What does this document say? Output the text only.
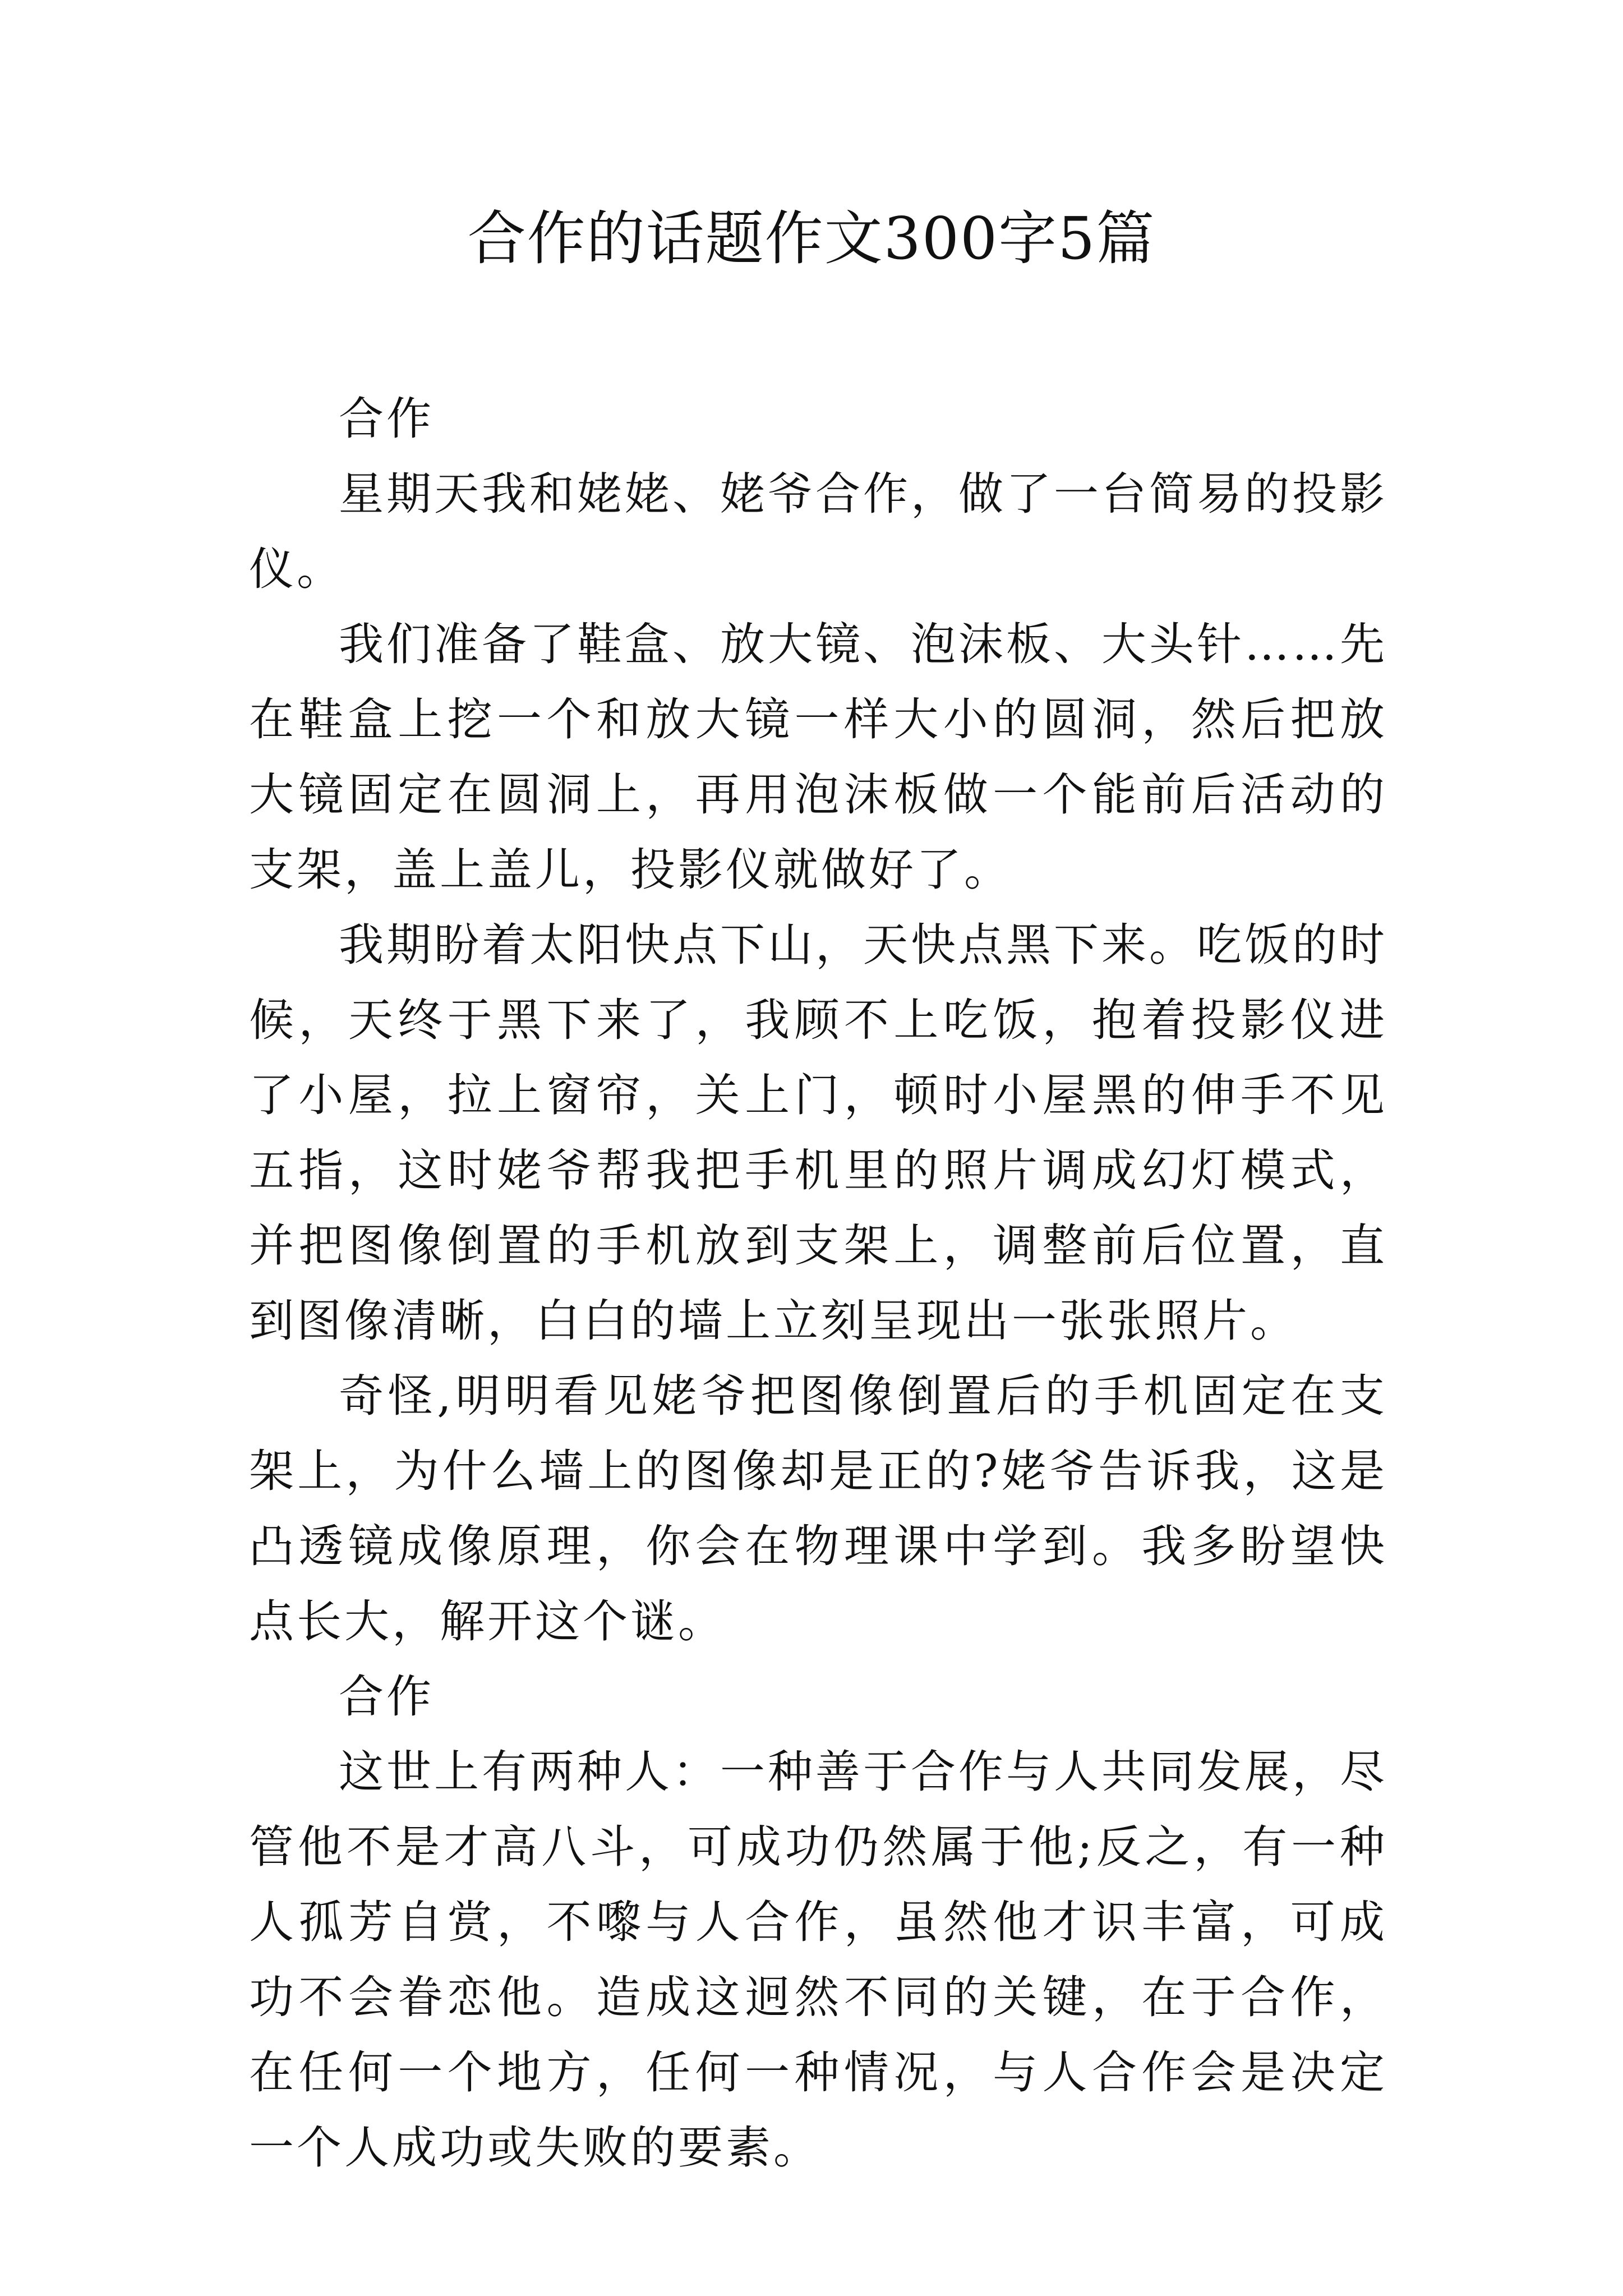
合作的话题作文300字5篇

合作

星期天我和姥姥、姥爷合作，做了一台简易的投影仪。

我们准备了鞋盒、放大镜、泡沫板、大头针……先在鞋盒上挖一个和放大镜一样大小的圆洞，然后把放大镜固定在圆洞上，再用泡沫板做一个能前后活动的支架，盖上盖儿，投影仪就做好了。

我期盼着太阳快点下山，天快点黑下来。吃饭的时候，天终于黑下来了，我顾不上吃饭，抱着投影仪进了小屋，拉上窗帘，关上门，顿时小屋黑的伸手不见五指，这时姥爷帮我把手机里的照片调成幻灯模式，并把图像倒置的手机放到支架上，调整前后位置，直到图像清晰，白白的墙上立刻呈现出一张张照片。

奇怪,明明看见姥爷把图像倒置后的手机固定在支架上，为什么墙上的图像却是正的?姥爷告诉我，这是凸透镜成像原理，你会在物理课中学到。我多盼望快点长大，解开这个谜。

合作

这世上有两种人：一种善于合作与人共同发展，尽管他不是才高八斗，可成功仍然属于他;反之，有一种人孤芳自赏，不嚟与人合作，虽然他才识丰富，可成功不会眷恋他。造成这迥然不同的关键，在于合作，在任何一个地方，任何一种情况，与人合作会是决定一个人成功或失败的要素。
